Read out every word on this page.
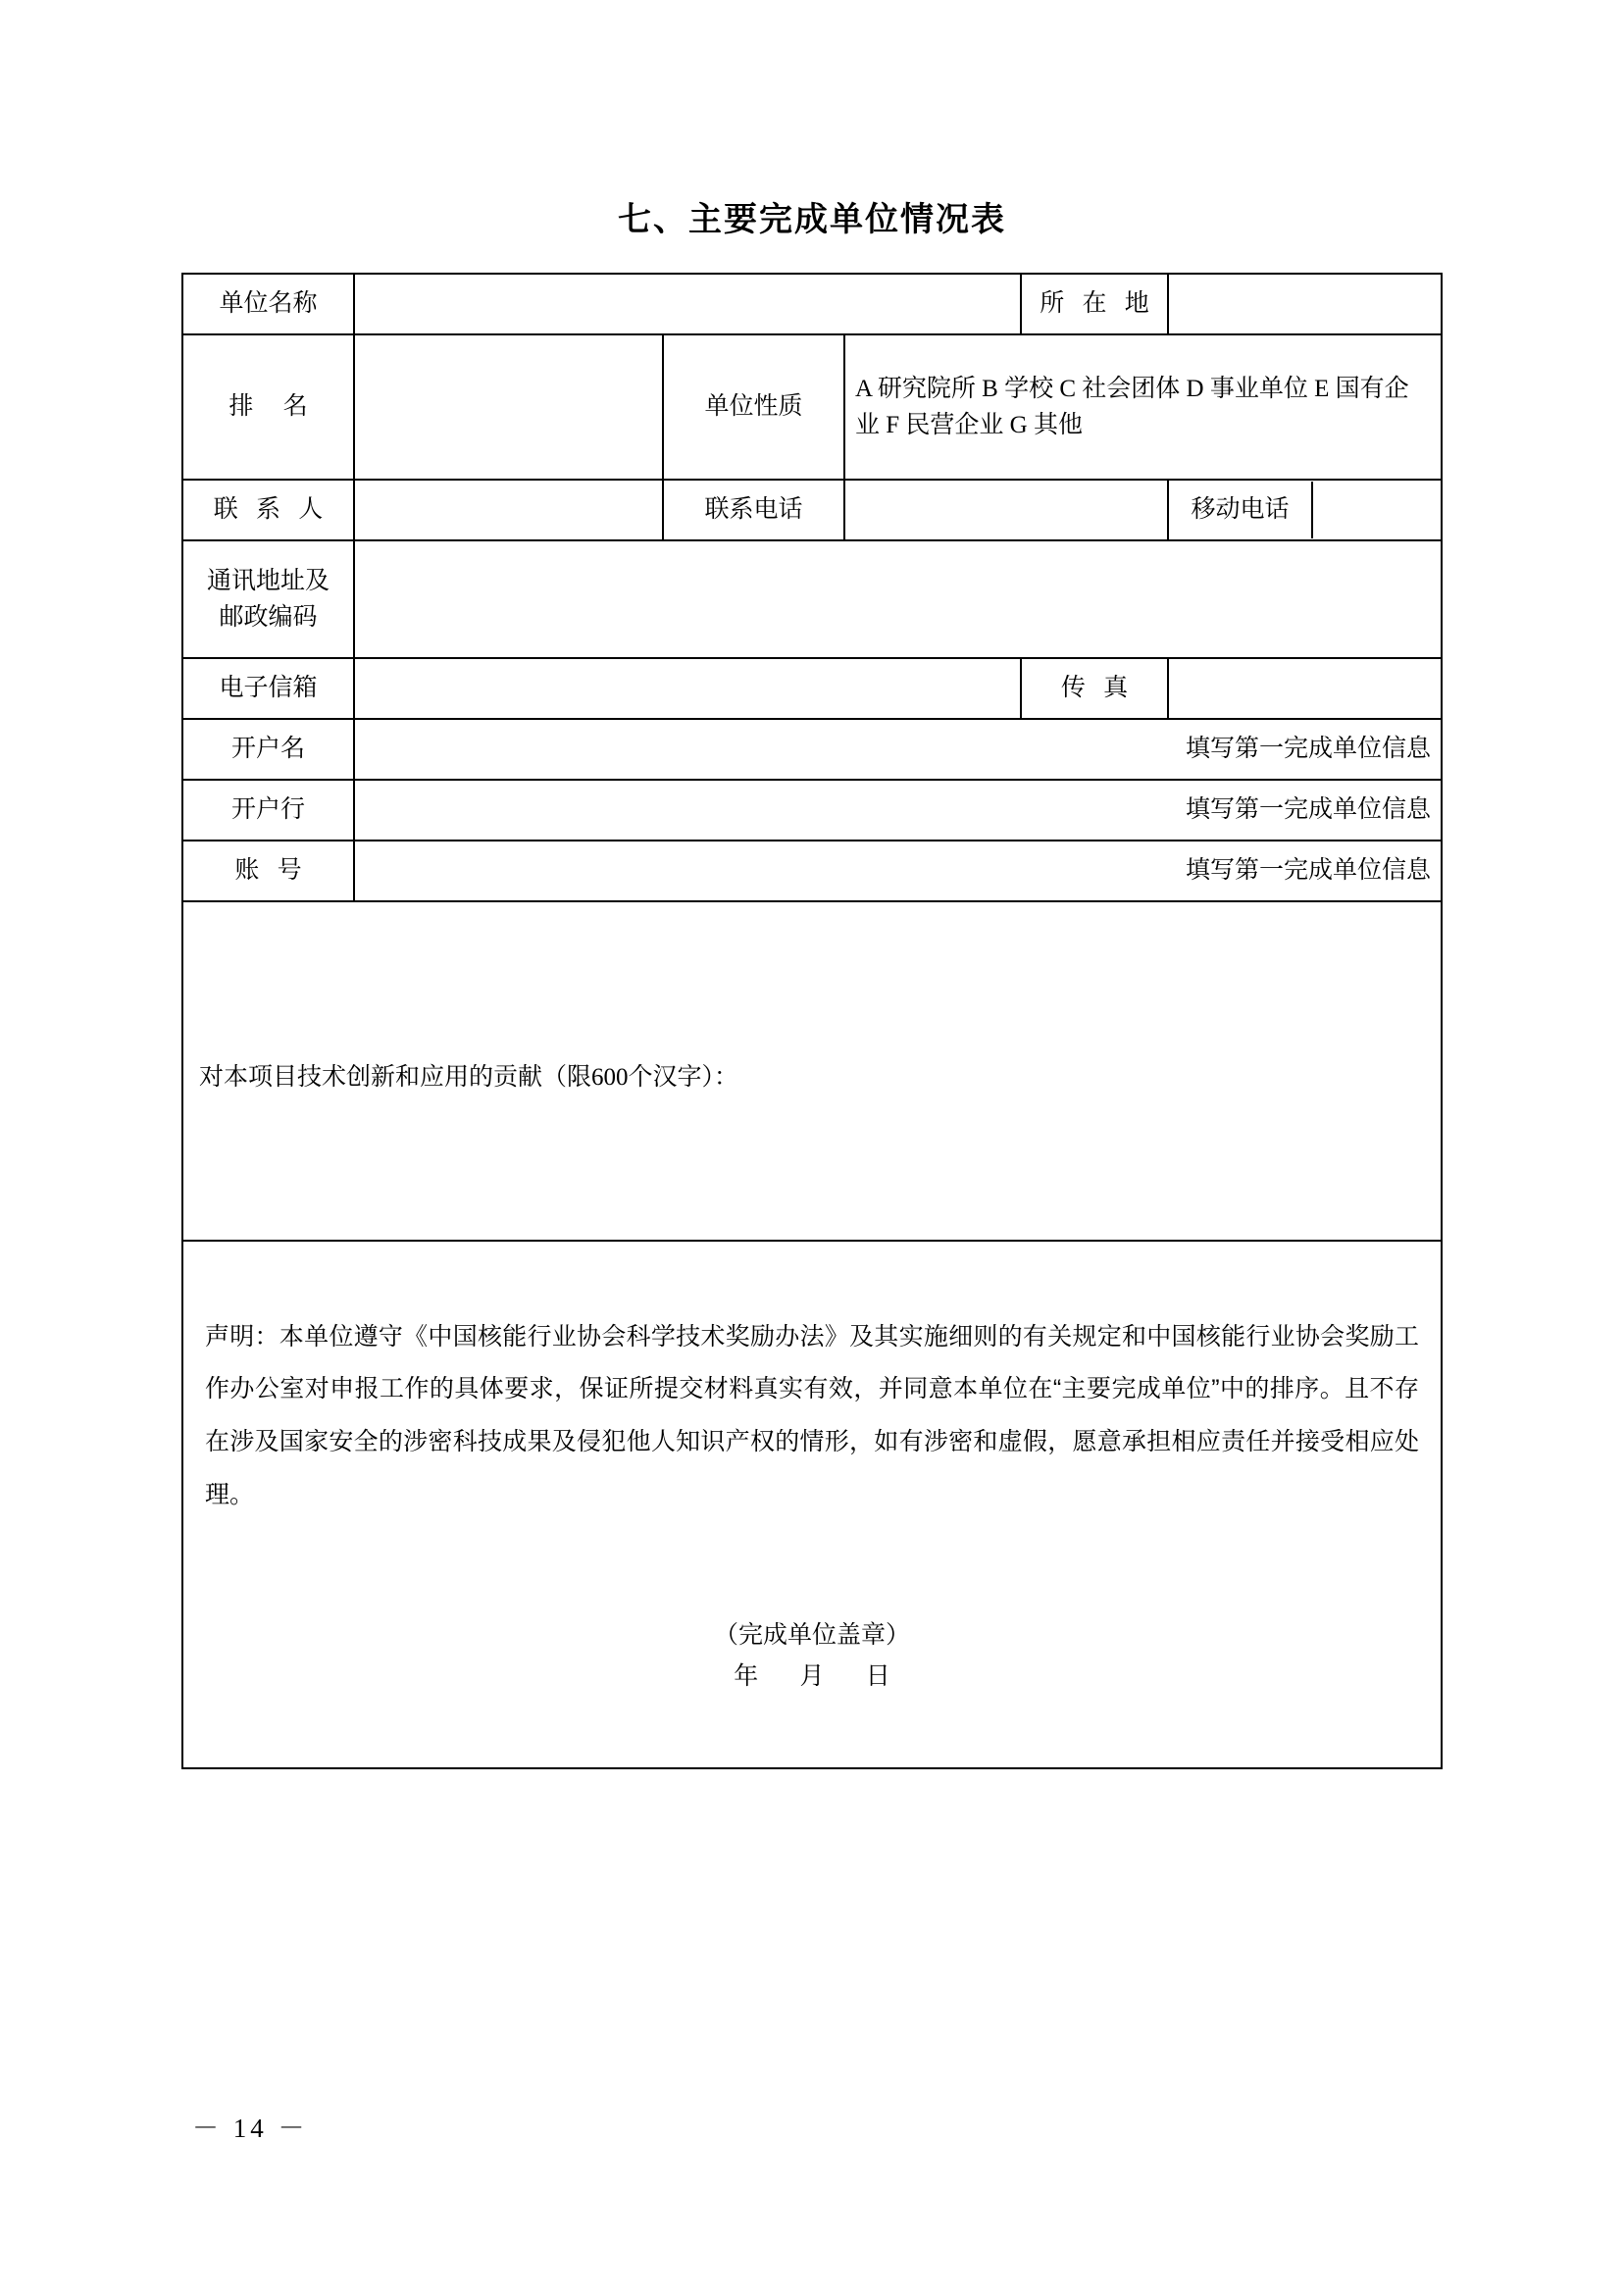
七、主要完成单位情况表
单位名称		所 在 地	
排 名		单位性质	A 研究院所 B 学校 C 社会团体 D 事业单位 E 国有企业 F 民营企业 G 其他
联 系 人		联系电话			移动电话	

通讯地址及
邮政编码

电子信箱		传 真	
开户名	填写第一完成单位信息
开户行	填写第一完成单位信息
账 号	填写第一完成单位信息

对本项目技术创新和应用的贡献（限600个汉字）：

声明：本单位遵守《中国核能行业协会科学技术奖励办法》及其实施细则的有关规定和中国核能行业协会奖励工作办公室对申报工作的具体要求，保证所提交材料真实有效，并同意本单位在“主要完成单位”中的排序。且不存在涉及国家安全的涉密科技成果及侵犯他人知识产权的情形，如有涉密和虚假，愿意承担相应责任并接受相应处理。

（完成单位盖章）
年 月 日
－ 14 －
